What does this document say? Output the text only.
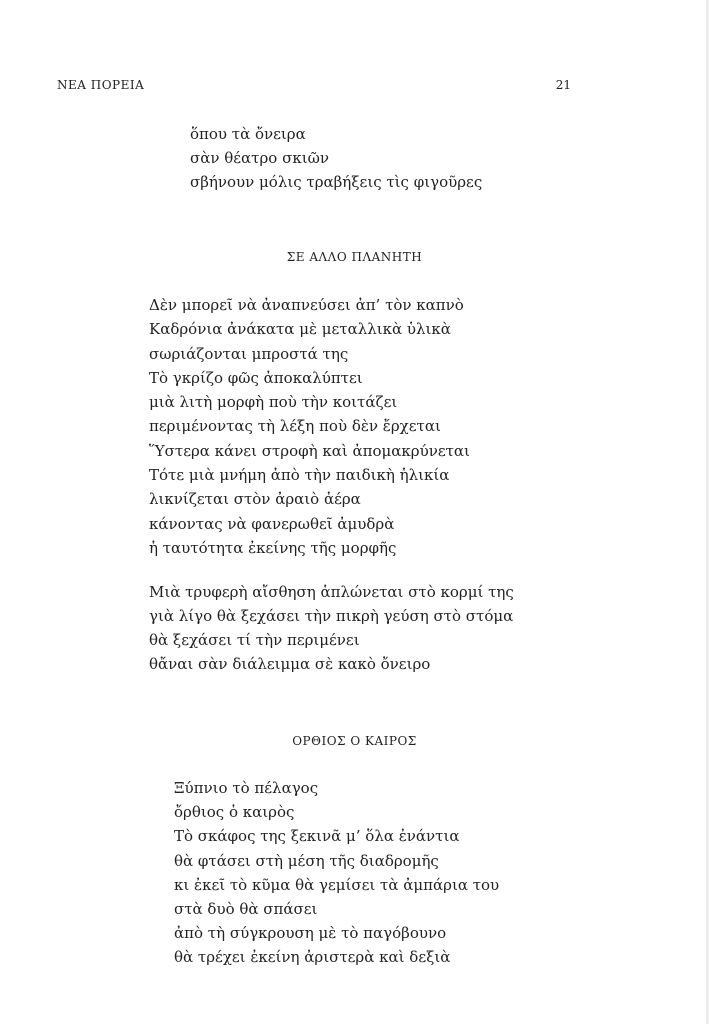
ΝΕΑ ΠΟΡΕΙΑ	21
ὅπου τὰ ὄνειρα
σὰν θέατρο σκιῶν
σβήνουν μόλις τραβήξεις τὶς φιγοῦρες
ΣΕ ΑΛΛΟ ΠΛΑΝΗΤΗ
Δὲν μπορεῖ νὰ ἀναπνεύσει ἀπ’ τὸν καπνὸ
Καδρόνια ἀνάκατα μὲ μεταλλικὰ ὑλικὰ
σωριάζονται μπροστά της
Τὸ γκρίζο φῶς ἀποκαλύπτει
μιὰ λιτὴ μορφὴ ποὺ τὴν κοιτάζει
περιμένοντας τὴ λέξη ποὺ δὲν ἔρχεται
Ὕστερα κάνει στροφὴ καὶ ἀπομακρύνεται
Τότε μιὰ μνήμη ἀπὸ τὴν παιδικὴ ἡλικία
λικνίζεται στὸν ἀραιὸ ἀέρα
κάνοντας νὰ φανερωθεῖ ἀμυδρὰ
ἡ ταυτότητα ἐκείνης τῆς μορφῆς
Μιὰ τρυφερὴ αἴσθηση ἁπλώνεται στὸ κορμί της
γιὰ λίγο θὰ ξεχάσει τὴν πικρὴ γεύση στὸ στόμα
θὰ ξεχάσει τί τὴν περιμένει
θἄναι σὰν διάλειμμα σὲ κακὸ ὄνειρο
ΟΡΘΙΟΣ Ο ΚΑΙΡΟΣ
Ξύπνιο τὸ πέλαγος
ὄρθιος ὁ καιρὸς
Τὸ σκάφος της ξεκινᾶ μ’ ὅλα ἐνάντια
θὰ φτάσει στὴ μέση τῆς διαδρομῆς
κι ἐκεῖ τὸ κῦμα θὰ γεμίσει τὰ ἀμπάρια του
στὰ δυὸ θὰ σπάσει
ἀπὸ τὴ σύγκρουση μὲ τὸ παγόβουνο
θὰ τρέχει ἐκείνη ἀριστερὰ καὶ δεξιὰ
